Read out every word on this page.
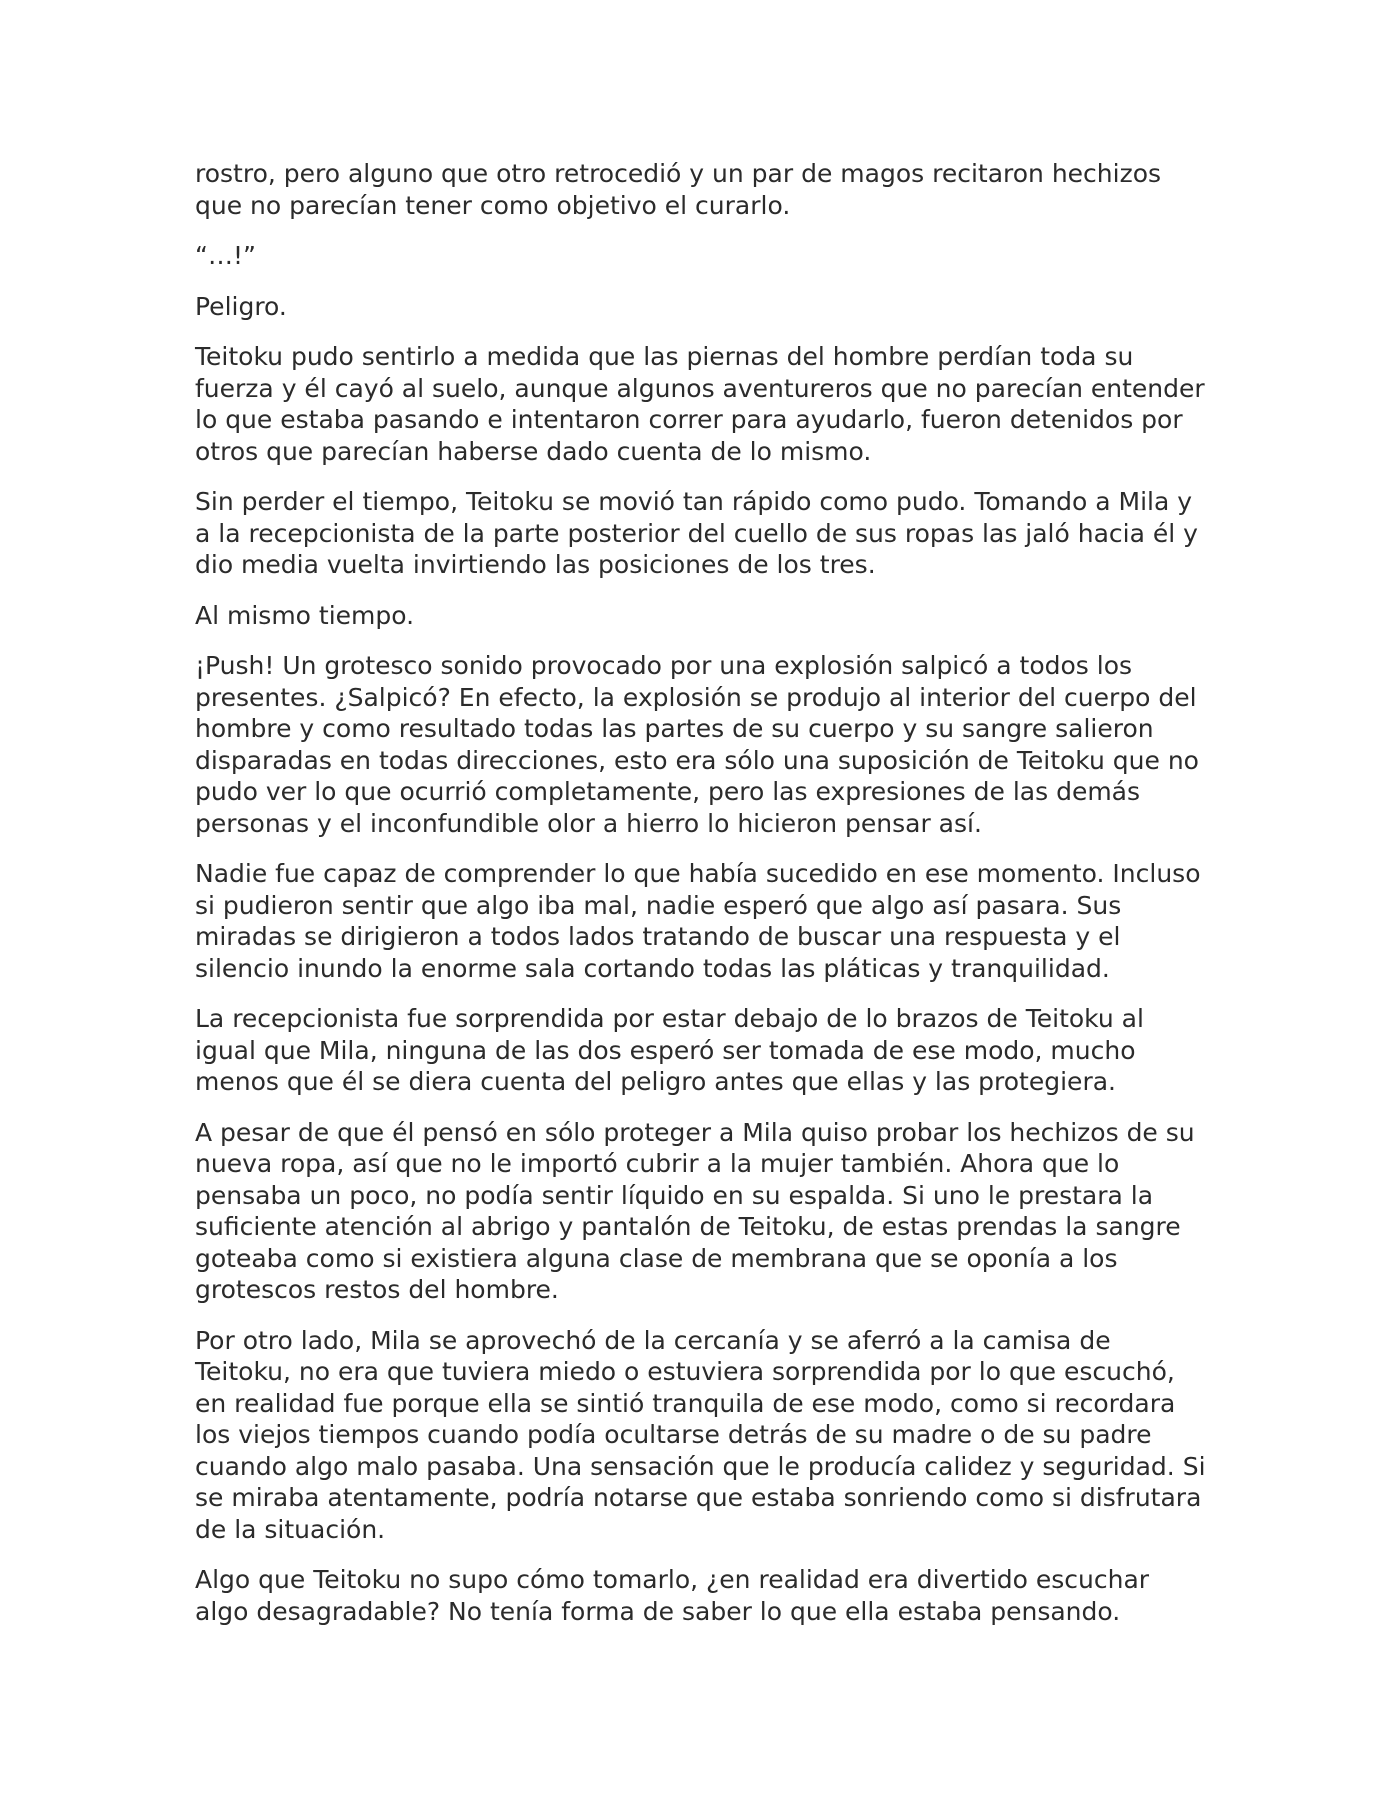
rostro, pero alguno que otro retrocedió y un par de magos recitaron hechizos que no parecían tener como objetivo el curarlo.

“…!”

Peligro.

Teitoku pudo sentirlo a medida que las piernas del hombre perdían toda su fuerza y él cayó al suelo, aunque algunos aventureros que no parecían entender lo que estaba pasando e intentaron correr para ayudarlo, fueron detenidos por otros que parecían haberse dado cuenta de lo mismo.

Sin perder el tiempo, Teitoku se movió tan rápido como pudo. Tomando a Mila y a la recepcionista de la parte posterior del cuello de sus ropas las jaló hacia él y dio media vuelta invirtiendo las posiciones de los tres.

Al mismo tiempo.

¡Push! Un grotesco sonido provocado por una explosión salpicó a todos los presentes. ¿Salpicó? En efecto, la explosión se produjo al interior del cuerpo del hombre y como resultado todas las partes de su cuerpo y su sangre salieron disparadas en todas direcciones, esto era sólo una suposición de Teitoku que no pudo ver lo que ocurrió completamente, pero las expresiones de las demás personas y el inconfundible olor a hierro lo hicieron pensar así.

Nadie fue capaz de comprender lo que había sucedido en ese momento. Incluso si pudieron sentir que algo iba mal, nadie esperó que algo así pasara. Sus miradas se dirigieron a todos lados tratando de buscar una respuesta y el silencio inundo la enorme sala cortando todas las pláticas y tranquilidad.

La recepcionista fue sorprendida por estar debajo de lo brazos de Teitoku al igual que Mila, ninguna de las dos esperó ser tomada de ese modo, mucho menos que él se diera cuenta del peligro antes que ellas y las protegiera.

A pesar de que él pensó en sólo proteger a Mila quiso probar los hechizos de su nueva ropa, así que no le importó cubrir a la mujer también. Ahora que lo pensaba un poco, no podía sentir líquido en su espalda. Si uno le prestara la suficiente atención al abrigo y pantalón de Teitoku, de estas prendas la sangre goteaba como si existiera alguna clase de membrana que se oponía a los grotescos restos del hombre.

Por otro lado, Mila se aprovechó de la cercanía y se aferró a la camisa de Teitoku, no era que tuviera miedo o estuviera sorprendida por lo que escuchó, en realidad fue porque ella se sintió tranquila de ese modo, como si recordara los viejos tiempos cuando podía ocultarse detrás de su madre o de su padre cuando algo malo pasaba. Una sensación que le producía calidez y seguridad. Si se miraba atentamente, podría notarse que estaba sonriendo como si disfrutara de la situación.

Algo que Teitoku no supo cómo tomarlo, ¿en realidad era divertido escuchar algo desagradable? No tenía forma de saber lo que ella estaba pensando.
